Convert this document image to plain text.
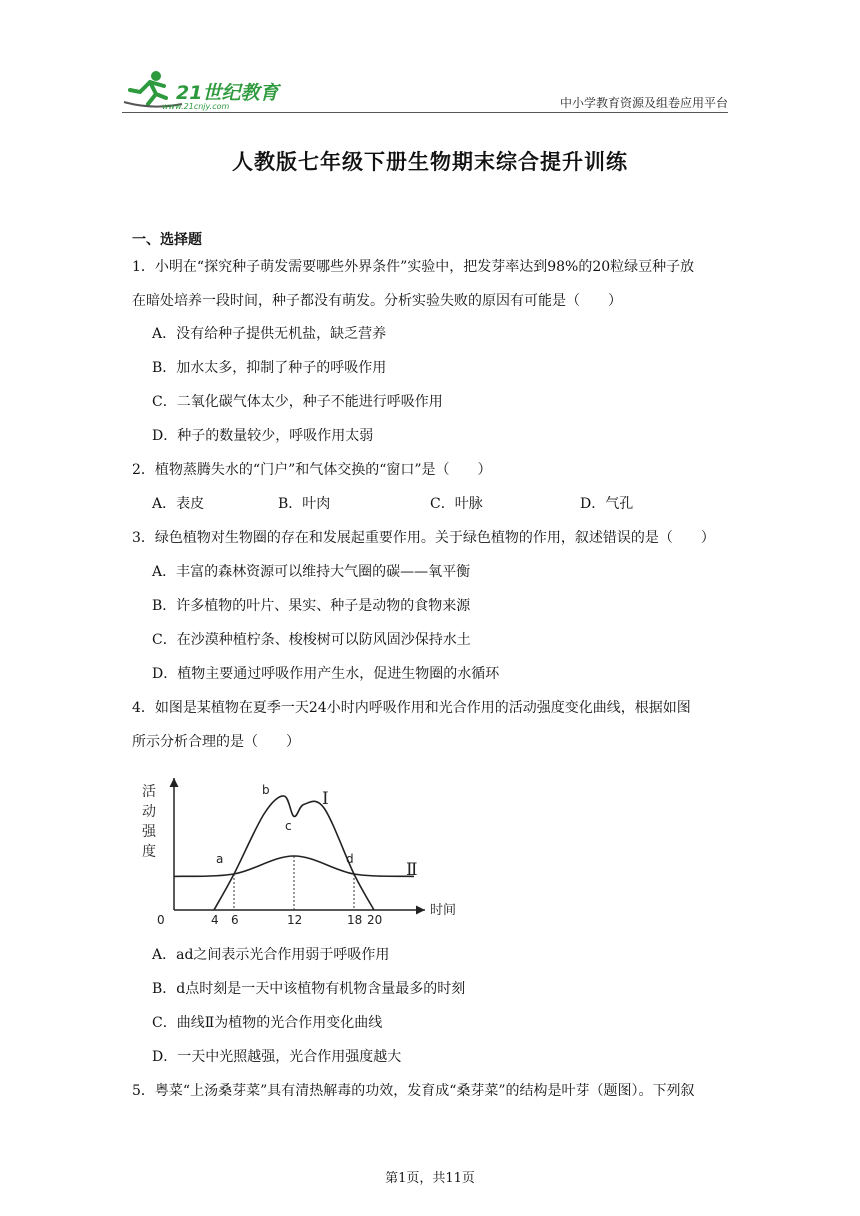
21世纪教育
www.21cnjy.com	中小学教育资源及组卷应用平台
人教版七年级下册生物期末综合提升训练
一、选择题
1．小明在“探究种子萌发需要哪些外界条件”实验中，把发芽率达到98%的20粒绿豆种子放
在暗处培养一段时间，种子都没有萌发。分析实验失败的原因有可能是（　　）
A．没有给种子提供无机盐，缺乏营养
B．加水太多，抑制了种子的呼吸作用
C．二氧化碳气体太少，种子不能进行呼吸作用
D．种子的数量较少，呼吸作用太弱
2．植物蒸腾失水的“门户”和气体交换的“窗口”是（　　）
A．表皮	B．叶肉	C．叶脉	D．气孔
3．绿色植物对生物圈的存在和发展起重要作用。关于绿色植物的作用，叙述错误的是（　　）
A．丰富的森林资源可以维持大气圈的碳——氧平衡
B．许多植物的叶片、果实、种子是动物的食物来源
C．在沙漠种植柠条、梭梭树可以防风固沙保持水土
D．植物主要通过呼吸作用产生水，促进生物圈的水循环
4．如图是某植物在夏季一天24小时内呼吸作用和光合作用的活动强度变化曲线，根据如图
所示分析合理的是（　　）
活
动
强
度
时间
0	4 6	12	18 20
Ⅰ
Ⅱ
a
b
c
d
A．ad之间表示光合作用弱于呼吸作用
B．d点时刻是一天中该植物有机物含量最多的时刻
C．曲线Ⅱ为植物的光合作用变化曲线
D．一天中光照越强，光合作用强度越大
5．粤菜“上汤桑芽菜”具有清热解毒的功效，发育成“桑芽菜”的结构是叶芽（题图）。下列叙
第1页，共11页
